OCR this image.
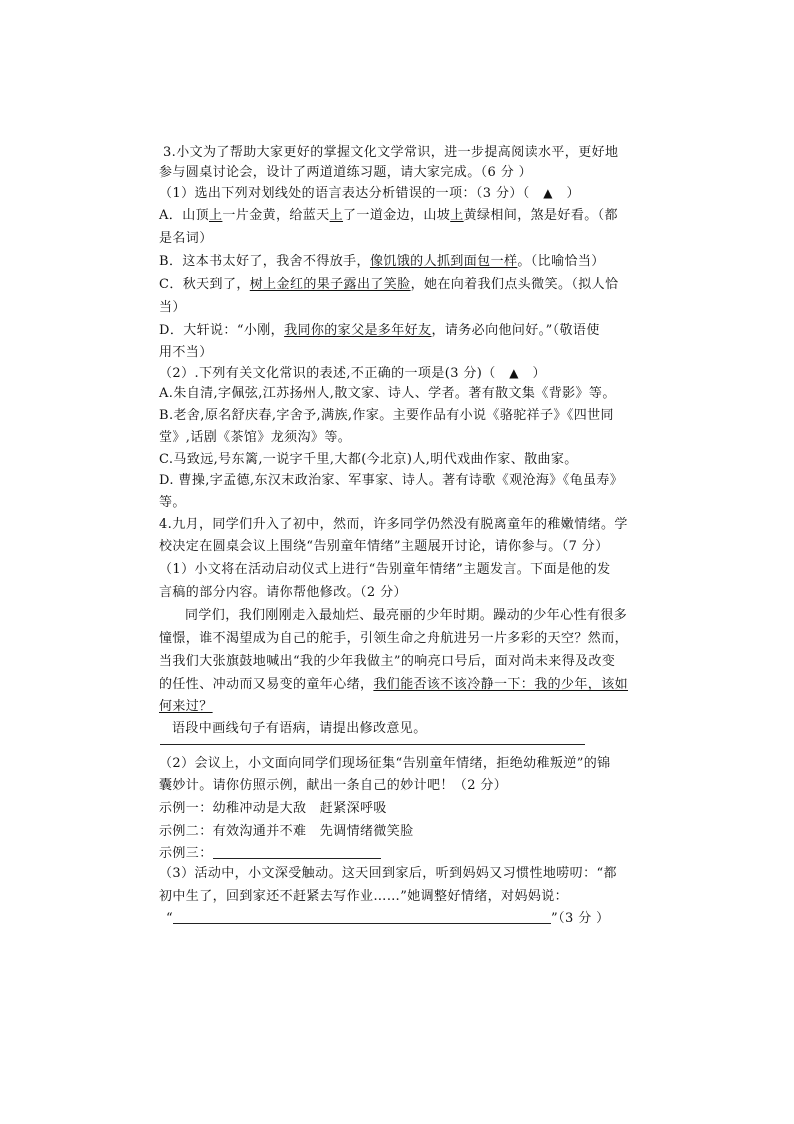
3.小文为了帮助大家更好的掌握文化文学常识，进一步提高阅读水平，更好地
参与圆桌讨论会，设计了两道道练习题，请大家完成。（6 分 ）
（1）选出下列对划线处的语言表达分析错误的一项：（3 分）（ ▲ ）
A．山顶上一片金黄，给蓝天上了一道金边，山坡上黄绿相间，煞是好看。（都
是名词）
B．这本书太好了，我舍不得放手，像饥饿的人抓到面包一样。（比喻恰当）
C．秋天到了，树上金红的果子露出了笑脸，她在向着我们点头微笑。（拟人恰
当）
D．大轩说：“小刚，我同你的家父是多年好友，请务必向他问好。”（敬语使
用不当）
（2）.下列有关文化常识的表述,不正确的一项是(3 分)（ ▲ ）
A.朱自清,字佩弦,江苏扬州人,散文家、诗人、学者。著有散文集《背影》等。
B.老舍,原名舒庆春,字舍予,满族,作家。主要作品有小说《骆驼祥子》《四世同
堂》,话剧《茶馆》龙须沟》等。
C.马致远,号东篱,一说字千里,大都(今北京)人,明代戏曲作家、散曲家。
D. 曹操,字孟德,东汉末政治家、军事家、诗人。著有诗歌《观沧海》《龟虽寿》
等。
4.九月，同学们升入了初中，然而，许多同学仍然没有脱离童年的稚嫩情绪。学
校决定在圆桌会议上围绕“告别童年情绪”主题展开讨论，请你参与。（7 分）
（1）小文将在活动启动仪式上进行“告别童年情绪”主题发言。下面是他的发
言稿的部分内容。请你帮他修改。（2 分）
同学们，我们刚刚走入最灿烂、最亮丽的少年时期。躁动的少年心性有很多
憧憬，谁不渴望成为自己的舵手，引领生命之舟航进另一片多彩的天空？然而，
当我们大张旗鼓地喊出“我的少年我做主”的响亮口号后，面对尚未来得及改变
的任性、冲动而又易变的童年心绪，我们能否该不该冷静一下：我的少年，该如
何来过？
语段中画线句子有语病，请提出修改意见。
（2）会议上，小文面向同学们现场征集“告别童年情绪，拒绝幼稚叛逆”的锦
囊妙计。请你仿照示例，献出一条自己的妙计吧！（2 分）
示例一：幼稚冲动是大敌　赶紧深呼吸
示例二：有效沟通并不难　先调情绪微笑脸
示例三：
（3）活动中，小文深受触动。这天回到家后，听到妈妈又习惯性地唠叨：“都
初中生了，回到家还不赶紧去写作业……”她调整好情绪，对妈妈说：
“	”（3 分 ）
